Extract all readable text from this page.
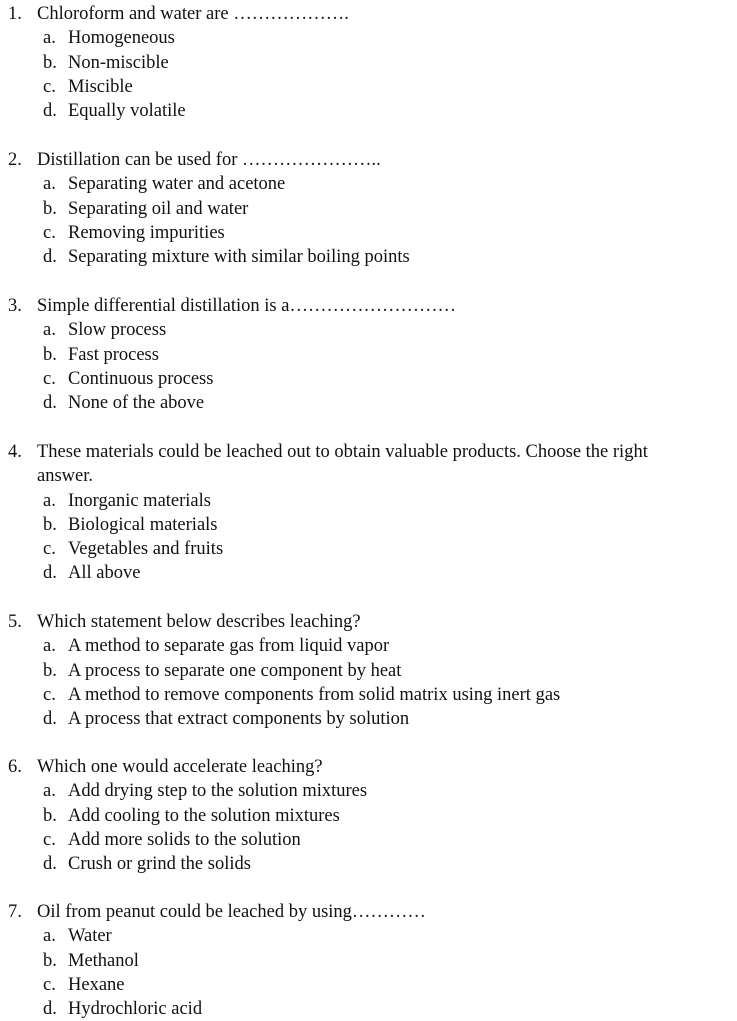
1. Chloroform and water are ……………….
a. Homogeneous
b. Non-miscible
c. Miscible
d. Equally volatile
2. Distillation can be used for …………………..
a. Separating water and acetone
b. Separating oil and water
c. Removing impurities
d. Separating mixture with similar boiling points
3. Simple differential distillation is a………………………
a. Slow process
b. Fast process
c. Continuous process
d. None of the above
4. These materials could be leached out to obtain valuable products. Choose the right
answer.
a. Inorganic materials
b. Biological materials
c. Vegetables and fruits
d. All above
5. Which statement below describes leaching?
a. A method to separate gas from liquid vapor
b. A process to separate one component by heat
c. A method to remove components from solid matrix using inert gas
d. A process that extract components by solution
6. Which one would accelerate leaching?
a. Add drying step to the solution mixtures
b. Add cooling to the solution mixtures
c. Add more solids to the solution
d. Crush or grind the solids
7. Oil from peanut could be leached by using…………
a. Water
b. Methanol
c. Hexane
d. Hydrochloric acid
